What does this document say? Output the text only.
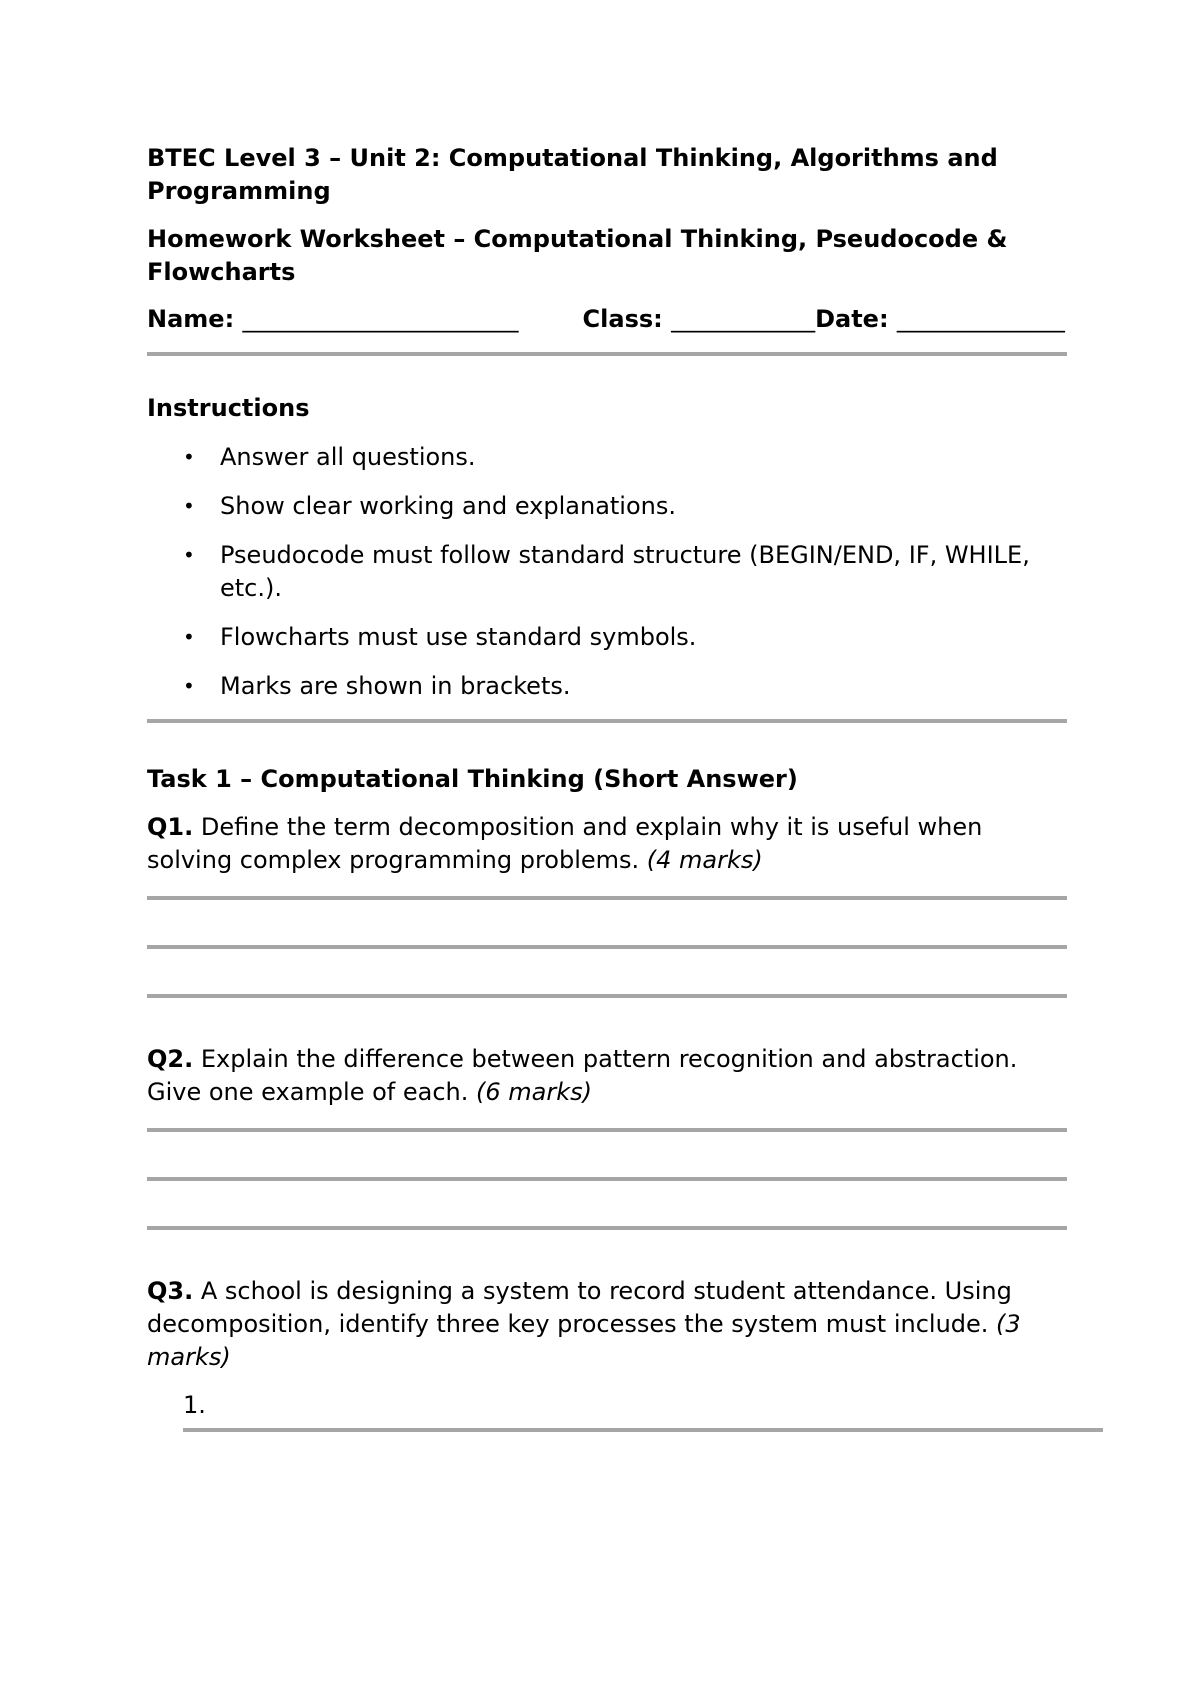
BTEC Level 3 – Unit 2: Computational Thinking, Algorithms and Programming
Homework Worksheet – Computational Thinking, Pseudocode & Flowcharts
Name: _______________________	Class: ____________Date: ______________
Instructions
• Answer all questions.
• Show clear working and explanations.
• Pseudocode must follow standard structure (BEGIN/END, IF, WHILE, etc.).
• Flowcharts must use standard symbols.
• Marks are shown in brackets.
Task 1 – Computational Thinking (Short Answer)
Q1. Define the term decomposition and explain why it is useful when solving complex programming problems. (4 marks)
Q2. Explain the difference between pattern recognition and abstraction. Give one example of each. (6 marks)
Q3. A school is designing a system to record student attendance. Using decomposition, identify three key processes the system must include. (3 marks)
1.
